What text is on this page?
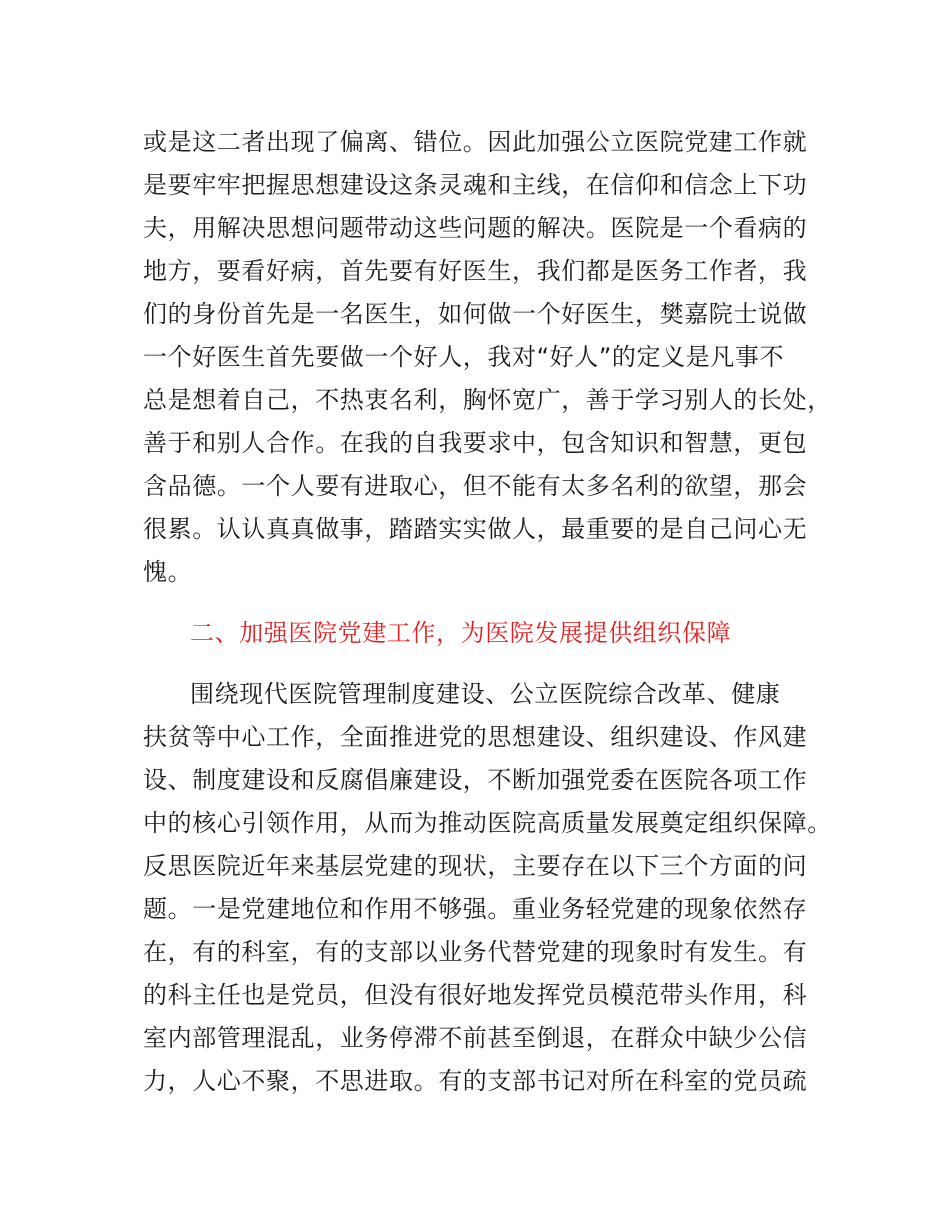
或是这二者出现了偏离、错位。因此加强公立医院党建工作就
是要牢牢把握思想建设这条灵魂和主线，在信仰和信念上下功
夫，用解决思想问题带动这些问题的解决。医院是一个看病的
地方，要看好病，首先要有好医生，我们都是医务工作者，我
们的身份首先是一名医生，如何做一个好医生，樊嘉院士说做
一个好医生首先要做一个好人，我对“好人”的定义是凡事不
总是想着自己，不热衷名利，胸怀宽广，善于学习别人的长处，
善于和别人合作。在我的自我要求中，包含知识和智慧，更包
含品德。一个人要有进取心，但不能有太多名利的欲望，那会
很累。认认真真做事，踏踏实实做人，最重要的是自己问心无
愧。
二、加强医院党建工作，为医院发展提供组织保障
围绕现代医院管理制度建设、公立医院综合改革、健康
扶贫等中心工作，全面推进党的思想建设、组织建设、作风建
设、制度建设和反腐倡廉建设，不断加强党委在医院各项工作
中的核心引领作用，从而为推动医院高质量发展奠定组织保障。
反思医院近年来基层党建的现状，主要存在以下三个方面的问
题。一是党建地位和作用不够强。重业务轻党建的现象依然存
在，有的科室，有的支部以业务代替党建的现象时有发生。有
的科主任也是党员，但没有很好地发挥党员模范带头作用，科
室内部管理混乱，业务停滞不前甚至倒退，在群众中缺少公信
力，人心不聚，不思进取。有的支部书记对所在科室的党员疏
